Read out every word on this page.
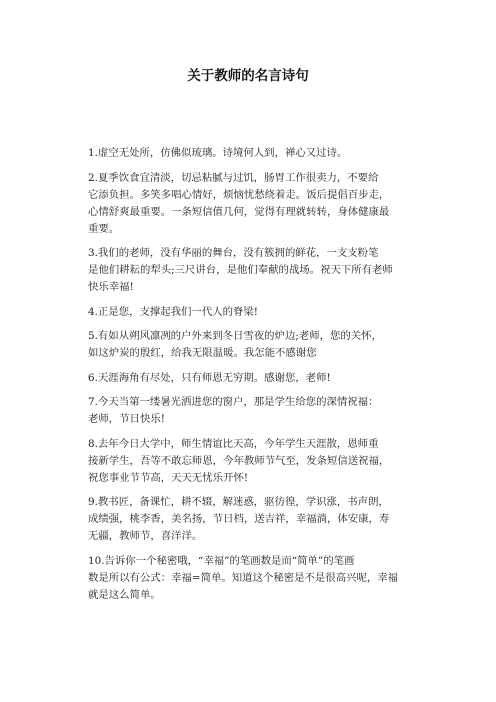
关于教师的名言诗句

1.虚空无处所，仿佛似琉璃。诗境何人到，禅心又过诗。

2.夏季饮食宜清淡，切忌粘腻与过饥，肠胃工作很卖力，不要给
它添负担。多笑多唱心情好，烦恼忧愁绕着走。饭后提倡百步走，
心情舒爽最重要。一条短信值几何，觉得有理就转转，身体健康最
重要。

3.我们的老师，没有华丽的舞台，没有簇拥的鲜花，一支支粉笔
是他们耕耘的犁头;三尺讲台，是他们奉献的战场。祝天下所有老师
快乐幸福!

4.正是您，支撑起我们一代人的脊梁!

5.有如从朔风凛冽的户外来到冬日雪夜的炉边;老师，您的关怀，
如这炉炭的殷红，给我无限温暖。我怎能不感谢您

6.天涯海角有尽处，只有师恩无穷期。感谢您，老师!

7.今天当第一缕暑光洒进您的窗户，那是学生给您的深情祝福：
老师，节日快乐!

8.去年今日大学中，师生情谊比天高，今年学生天涯散，恩师重
接新学生，吾等不敢忘师恩，今年教师节气至，发条短信送祝福，
祝您事业节节高，天天无忧乐开怀!

9.教书匠，备课忙，耕不辍，解迷惑，驱彷徨，学识涨，书声朗，
成绩强，桃李香，美名扬，节日档，送吉祥，幸福淌，体安康，寿
无疆，教师节，喜洋洋。

10.告诉你一个秘密哦，“幸福”的笔画数是而“简单”的笔画
数是所以有公式：幸福=简单。知道这个秘密是不是很高兴呢，幸福
就是这么简单。
